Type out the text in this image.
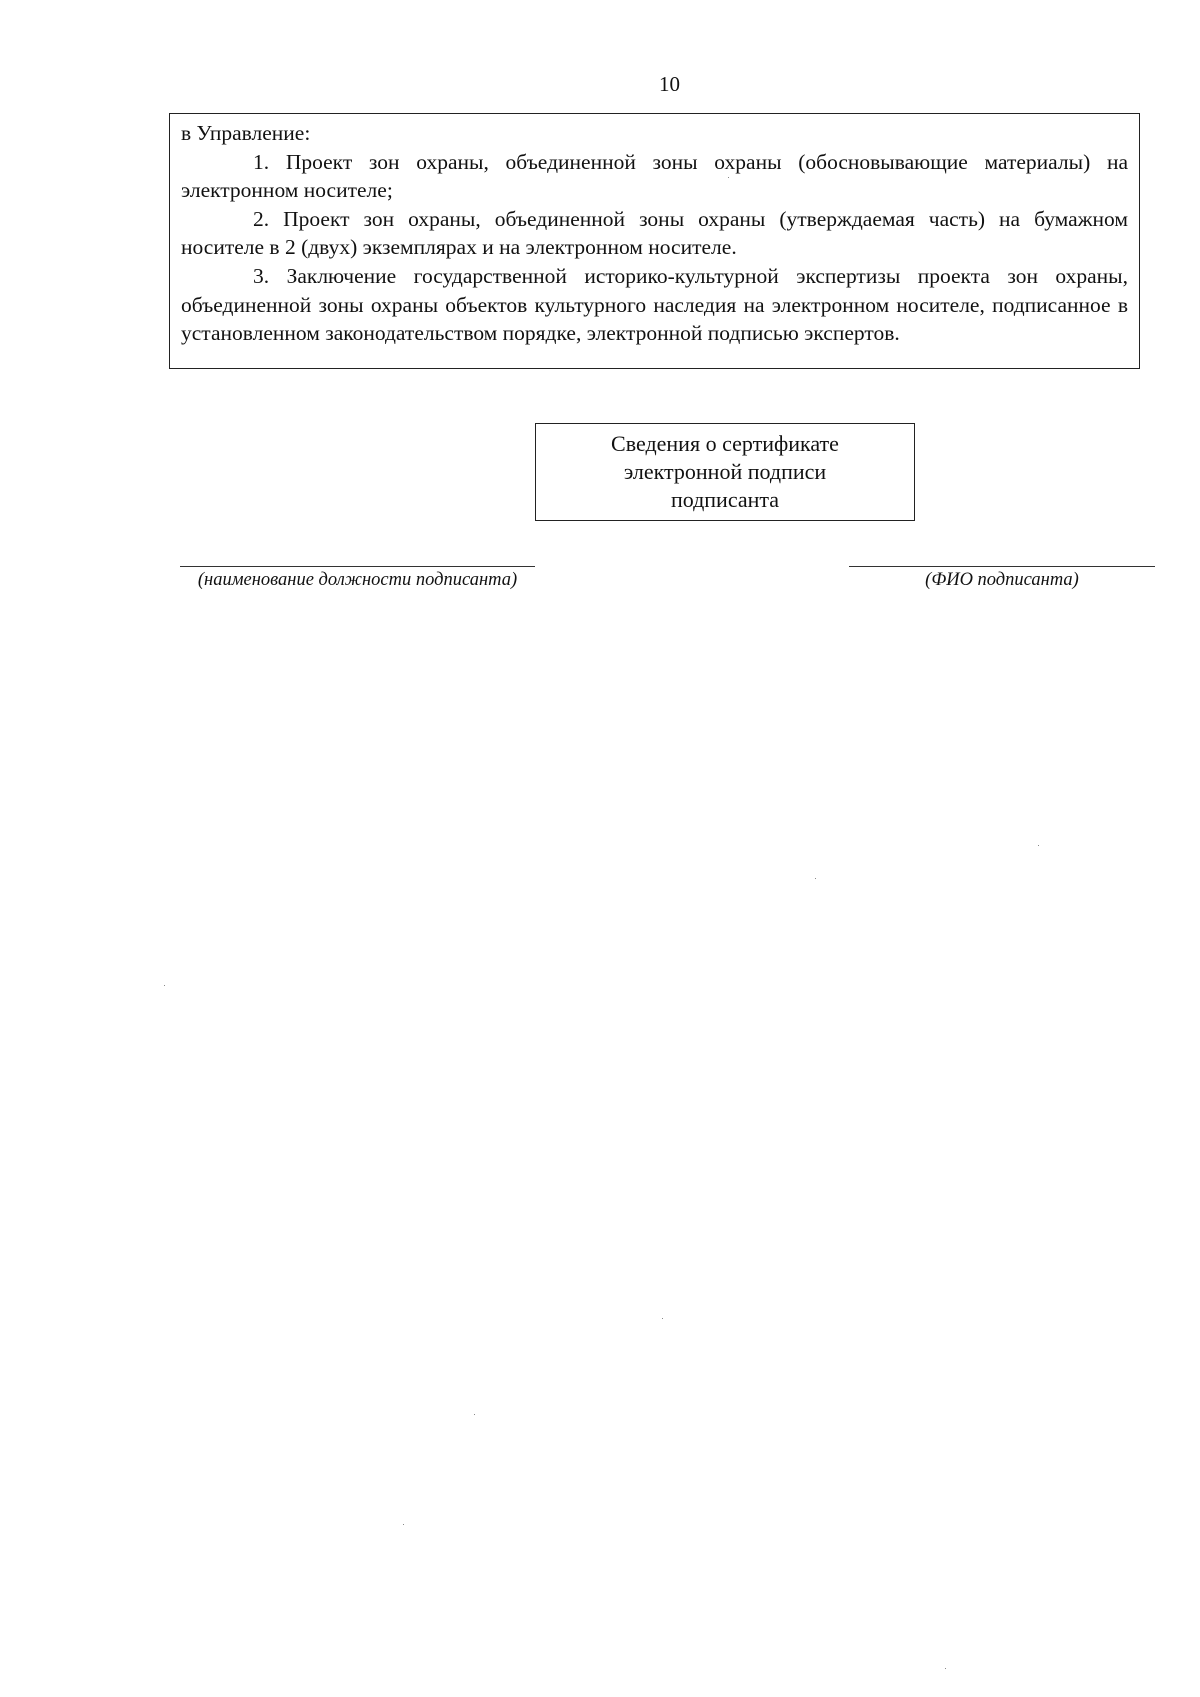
10

в Управление:

1. Проект зон охраны, объединенной зоны охраны (обосновывающие материалы) на электронном носителе;

2. Проект зон охраны, объединенной зоны охраны (утверждаемая часть) на бумажном носителе в 2 (двух) экземплярах и на электронном носителе.

3. Заключение государственной историко-культурной экспертизы проекта зон охраны, объединенной зоны охраны объектов культурного наследия на электронном носителе, подписанное в установленном законодательством порядке, электронной подписью экспертов.

Сведения о сертификате
электронной подписи
подписанта
(наименование должности подписанта)	(ФИО подписанта)
